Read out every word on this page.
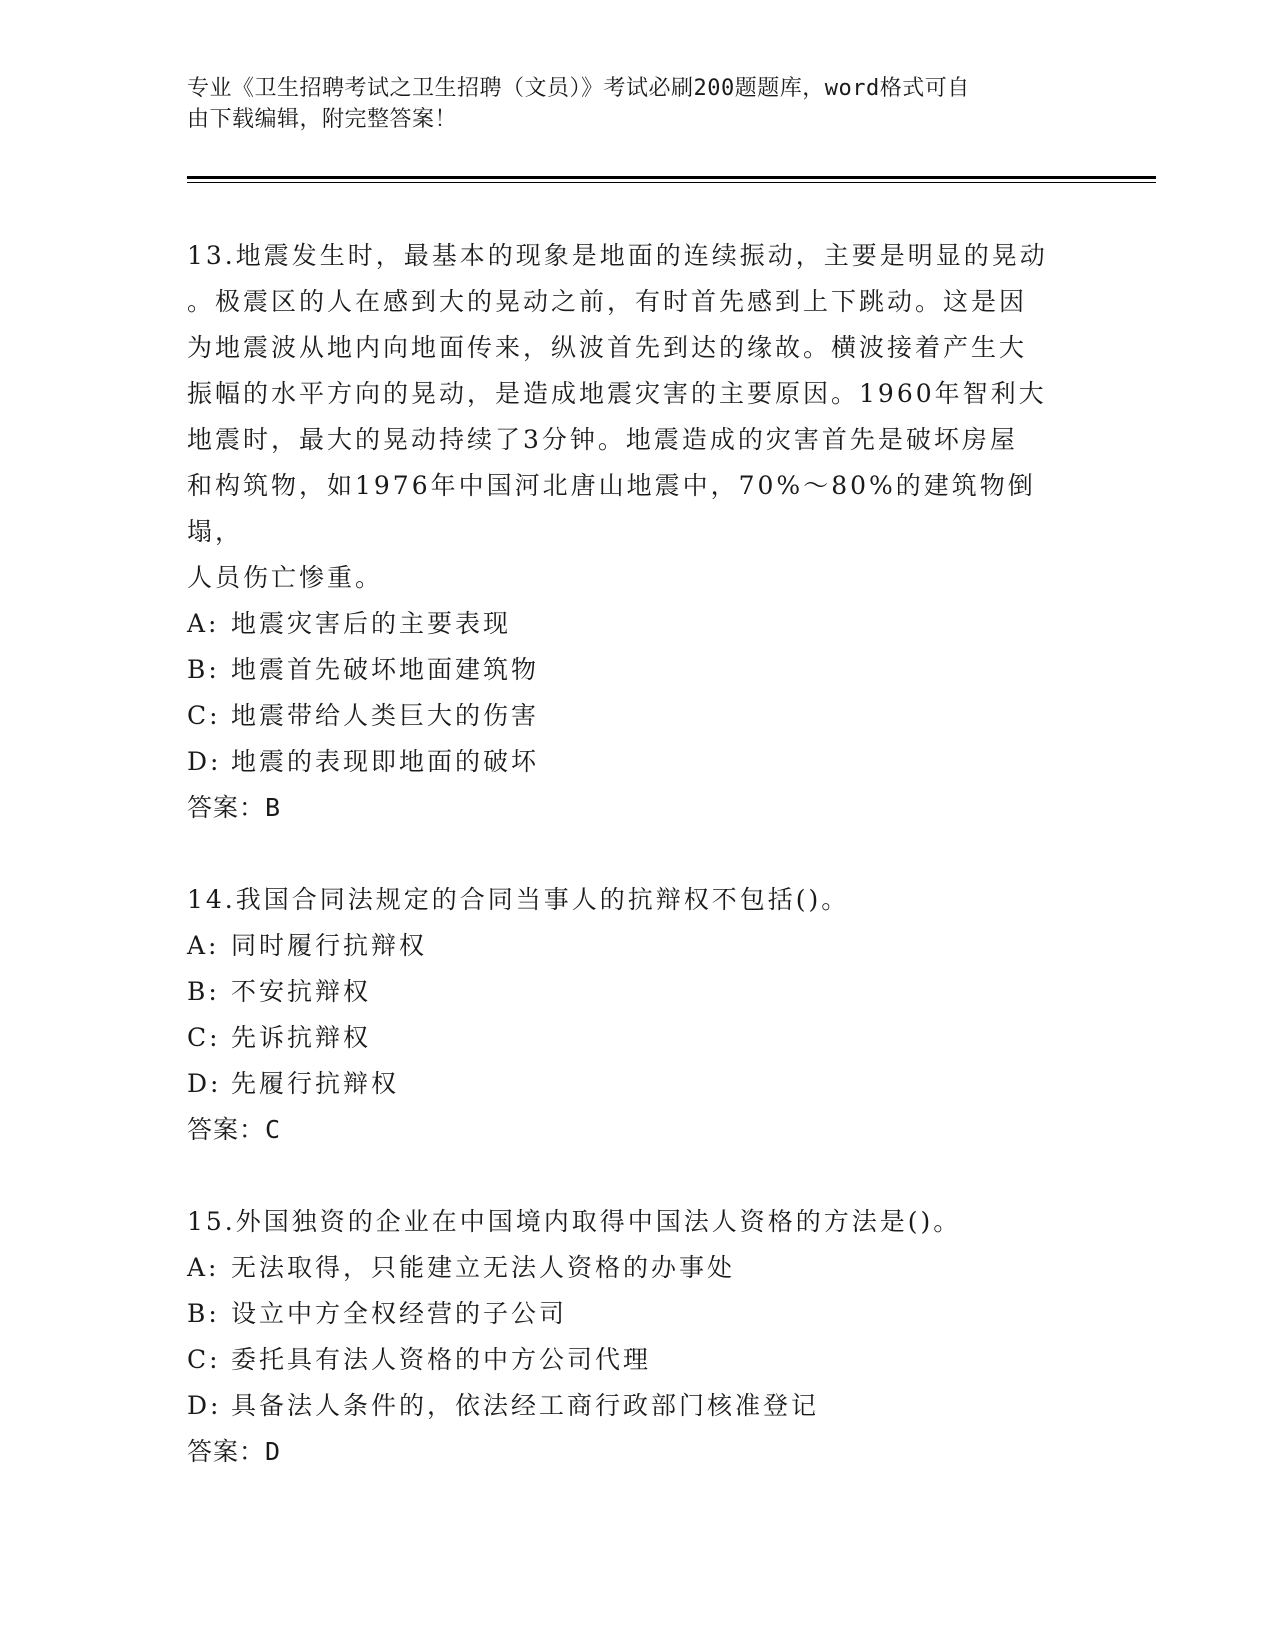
专业《卫生招聘考试之卫生招聘（文员）》考试必刷200题题库，word格式可自
由下载编辑，附完整答案！
13.地震发生时，最基本的现象是地面的连续振动，主要是明显的晃动
。极震区的人在感到大的晃动之前，有时首先感到上下跳动。这是因
为地震波从地内向地面传来，纵波首先到达的缘故。横波接着产生大
振幅的水平方向的晃动，是造成地震灾害的主要原因。1960年智利大
地震时，最大的晃动持续了3分钟。地震造成的灾害首先是破坏房屋
和构筑物，如1976年中国河北唐山地震中，70%～80%的建筑物倒塌，
人员伤亡惨重。
A: 地震灾害后的主要表现
B: 地震首先破坏地面建筑物
C: 地震带给人类巨大的伤害
D: 地震的表现即地面的破坏
答案：B
14.我国合同法规定的合同当事人的抗辩权不包括()。
A: 同时履行抗辩权
B: 不安抗辩权
C: 先诉抗辩权
D: 先履行抗辩权
答案：C
15.外国独资的企业在中国境内取得中国法人资格的方法是()。
A: 无法取得，只能建立无法人资格的办事处
B: 设立中方全权经营的子公司
C: 委托具有法人资格的中方公司代理
D: 具备法人条件的，依法经工商行政部门核准登记
答案：D
